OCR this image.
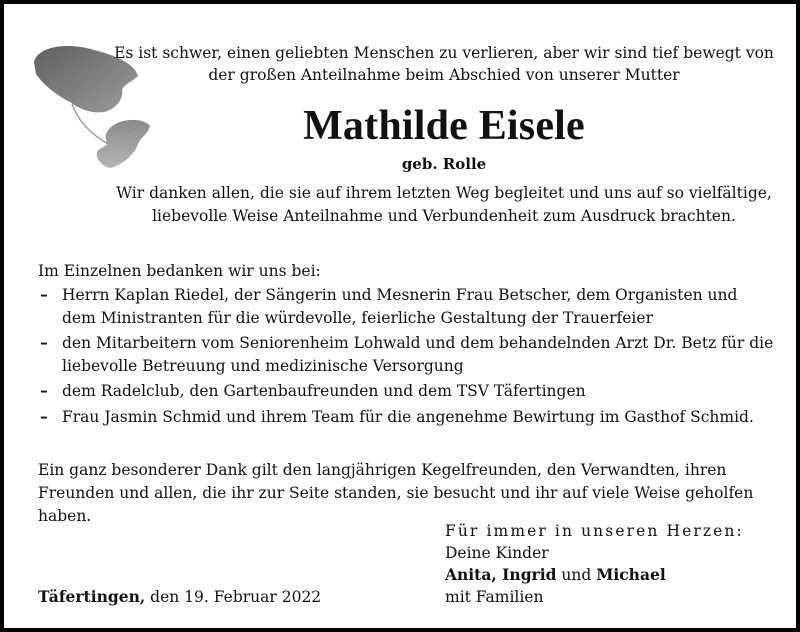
Es ist schwer, einen geliebten Menschen zu verlieren, aber wir sind tief bewegt von der großen Anteilnahme beim Abschied von unserer Mutter
Mathilde Eisele
geb. Rolle
Wir danken allen, die sie auf ihrem letzten Weg begleitet und uns auf so vielfältige, liebevolle Weise Anteilnahme und Verbundenheit zum Ausdruck brachten.
Im Einzelnen bedanken wir uns bei:
– Herrn Kaplan Riedel, der Sängerin und Mesnerin Frau Betscher, dem Organisten und dem Ministranten für die würdevolle, feierliche Gestaltung der Trauerfeier
– den Mitarbeitern vom Seniorenheim Lohwald und dem behandelnden Arzt Dr. Betz für die liebevolle Betreuung und medizinische Versorgung
– dem Radelclub, den Gartenbaufreunden und dem TSV Täfertingen
– Frau Jasmin Schmid und ihrem Team für die angenehme Bewirtung im Gasthof Schmid.
Ein ganz besonderer Dank gilt den langjährigen Kegelfreunden, den Verwandten, ihren Freunden und allen, die ihr zur Seite standen, sie besucht und ihr auf viele Weise geholfen haben.
Für immer in unseren Herzen:
Deine Kinder
Anita, Ingrid und Michael
mit Familien
Täfertingen, den 19. Februar 2022
